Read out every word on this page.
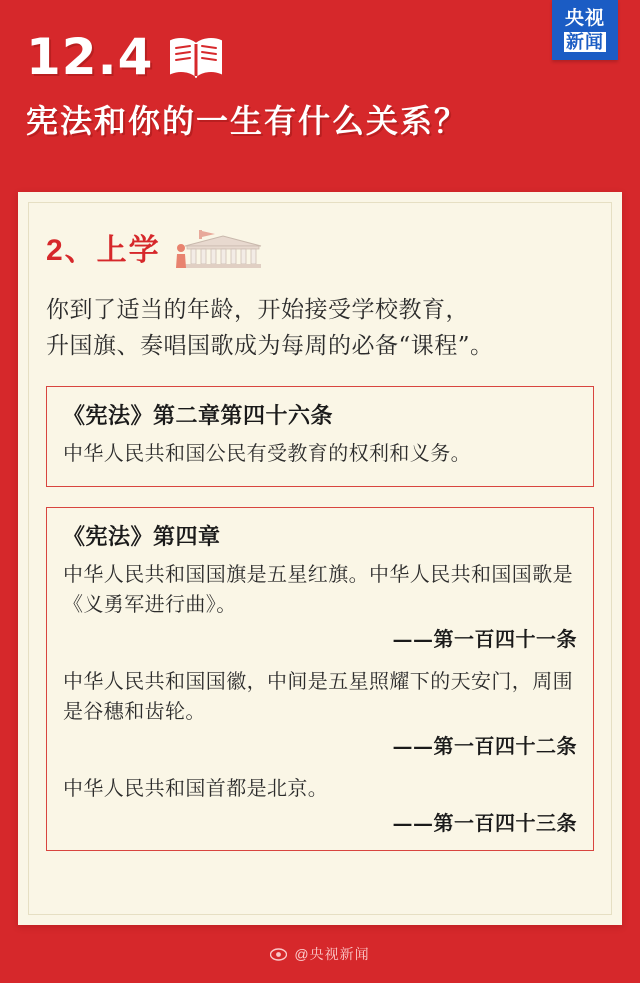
央视
新闻
12.4
宪法和你的一生有什么关系？
2、上学
你到了适当的年龄，开始接受学校教育，
升国旗、奏唱国歌成为每周的必备“课程”。
《宪法》第二章第四十六条
中华人民共和国公民有受教育的权利和义务。
《宪法》第四章
中华人民共和国国旗是五星红旗。中华人民共和国国歌是《义勇军进行曲》。
——第一百四十一条
中华人民共和国国徽，中间是五星照耀下的天安门，周围是谷穗和齿轮。
——第一百四十二条
中华人民共和国首都是北京。
——第一百四十三条
@央视新闻
